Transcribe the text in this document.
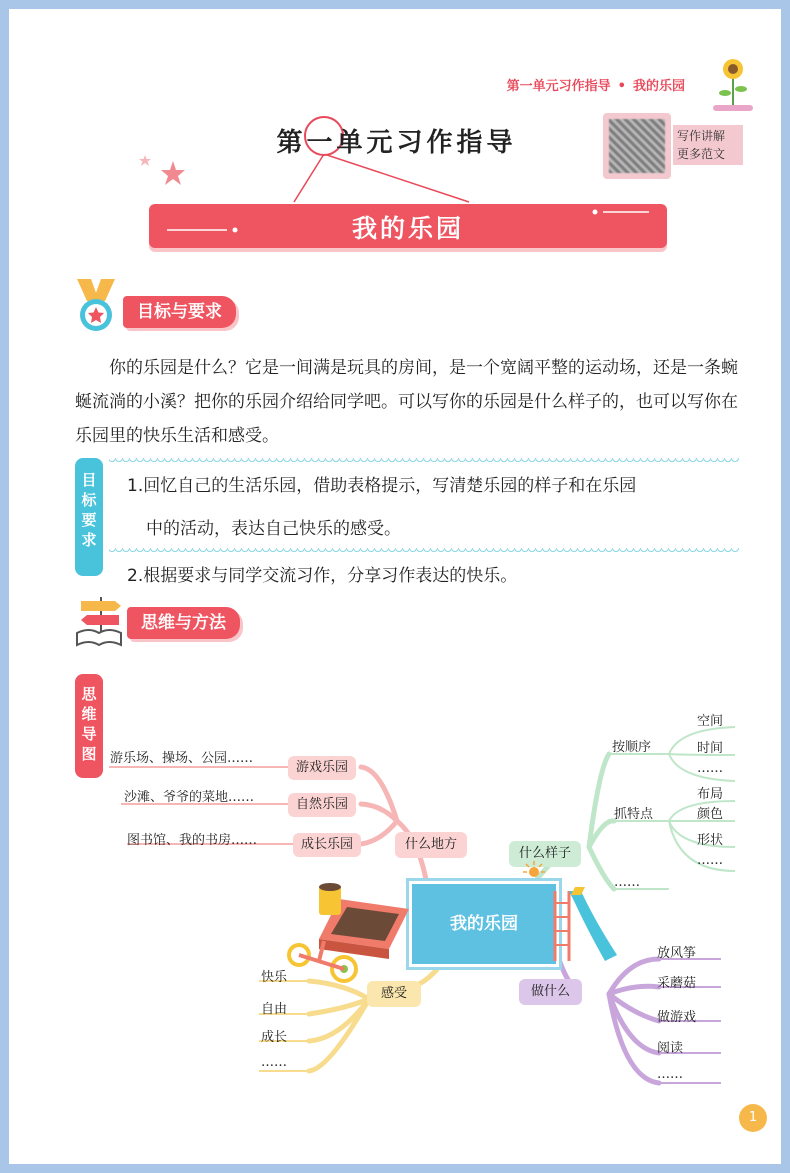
第一单元习作指导 • 我的乐园
第 一 单 元 习 作 指 导	写作讲解
更多范文
我的乐园
目标与要求
你的乐园是什么？它是一间满是玩具的房间，是一个宽阔平整的运动场，还是一条蜿蜒流淌的小溪？把你的乐园介绍给同学吧。可以写你的乐园是什么样子的，也可以写你在乐园里的快乐生活和感受。
目
标
要
求
1.回忆自己的生活乐园，借助表格提示，写清楚乐园的样子和在乐园
中的活动，表达自己快乐的感受。
2.根据要求与同学交流习作，分享习作表达的快乐。
思维与方法
思
维
导
图	游乐场、操场、公园……
沙滩、爷爷的菜地……
图书馆、我的书房……
游戏乐园
自然乐园
成长乐园	什么地方
什么样子
按顺序
空间
时间
……
抓特点
布局
颜色
形状
……
……
我的乐园
做什么
放风筝
采蘑菇
做游戏
阅读
……
感受
快乐
自由
成长
……
1
